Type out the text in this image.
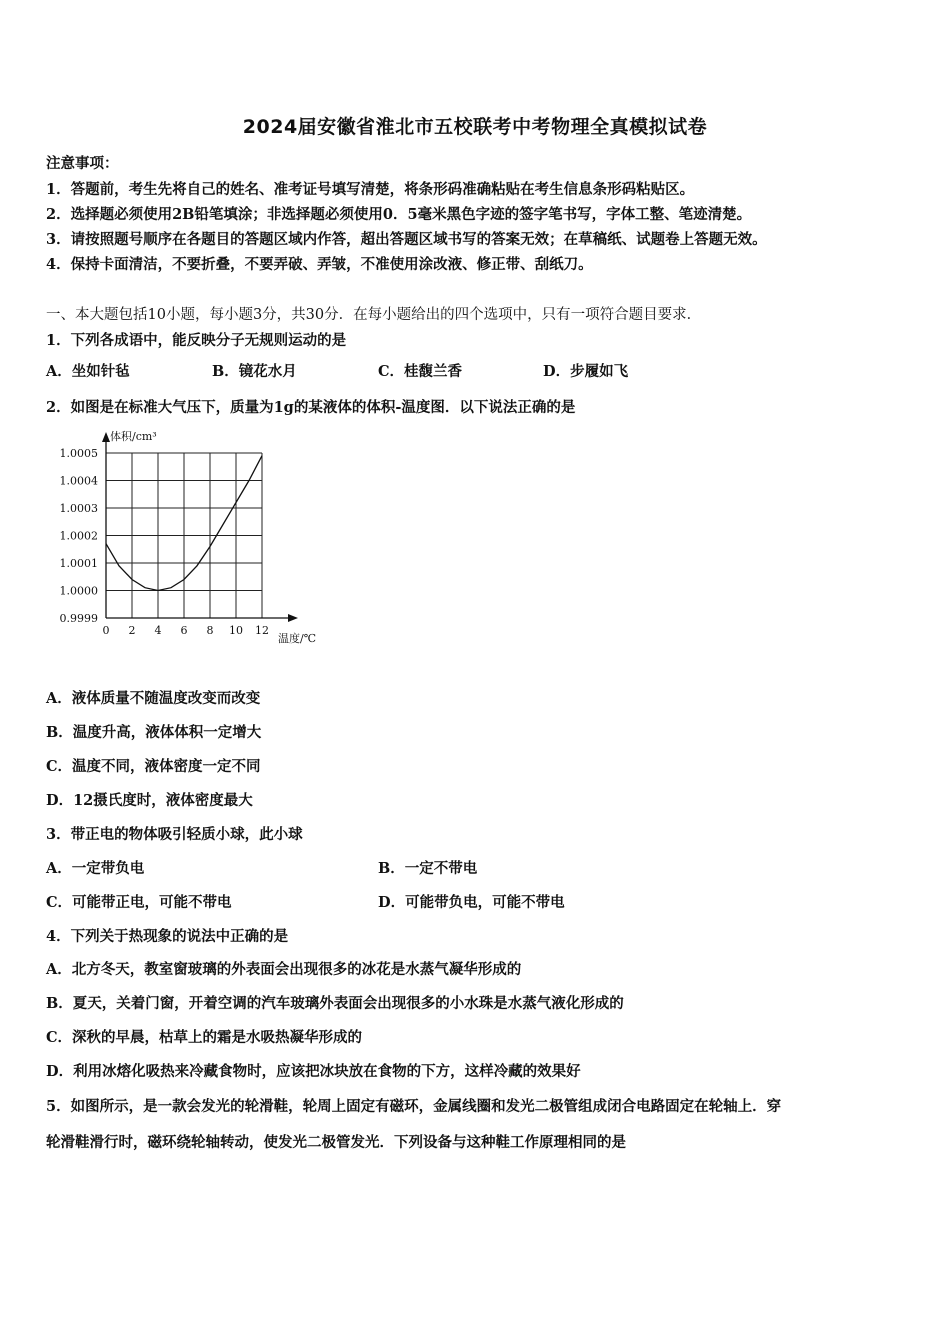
2024届安徽省淮北市五校联考中考物理全真模拟试卷
注意事项：
1．答题前，考生先将自己的姓名、准考证号填写清楚，将条形码准确粘贴在考生信息条形码粘贴区。
2．选择题必须使用2B铅笔填涂；非选择题必须使用0．5毫米黑色字迹的签字笔书写，字体工整、笔迹清楚。
3．请按照题号顺序在各题目的答题区域内作答，超出答题区域书写的答案无效；在草稿纸、试题卷上答题无效。
4．保持卡面清洁，不要折叠，不要弄破、弄皱，不准使用涂改液、修正带、刮纸刀。
一、本大题包括10小题，每小题3分，共30分．在每小题给出的四个选项中，只有一项符合题目要求．
1．下列各成语中，能反映分子无规则运动的是
A．坐如针毡	B．镜花水月	C．桂馥兰香	D．步履如飞
2．如图是在标准大气压下，质量为1g的某液体的体积-温度图．以下说法正确的是
0.9999
1.0000
1.0001
1.0002
1.0003
1.0004
1.0005
0 2 4 6 8 10 12
体积/cm³
温度/℃
A．液体质量不随温度改变而改变
B．温度升高，液体体积一定增大
C．温度不同，液体密度一定不同
D．12摄氏度时，液体密度最大
3．带正电的物体吸引轻质小球，此小球
A．一定带负电	B．一定不带电
C．可能带正电，可能不带电	D．可能带负电，可能不带电
4．下列关于热现象的说法中正确的是
A．北方冬天，教室窗玻璃的外表面会出现很多的冰花是水蒸气凝华形成的
B．夏天，关着门窗，开着空调的汽车玻璃外表面会出现很多的小水珠是水蒸气液化形成的
C．深秋的早晨，枯草上的霜是水吸热凝华形成的
D．利用冰熔化吸热来冷藏食物时，应该把冰块放在食物的下方，这样冷藏的效果好
5．如图所示，是一款会发光的轮滑鞋，轮周上固定有磁环，金属线圈和发光二极管组成闭合电路固定在轮轴上．穿
轮滑鞋滑行时，磁环绕轮轴转动，使发光二极管发光．下列设备与这种鞋工作原理相同的是
